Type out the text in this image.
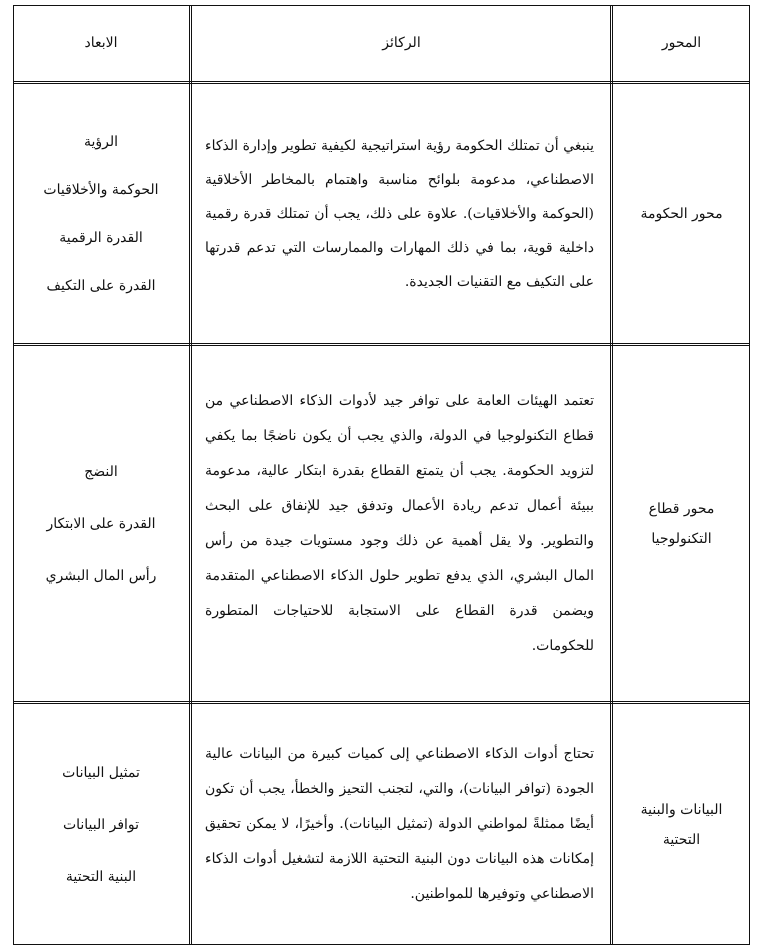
الابعاد	الركائز	المحور
الرؤية
الحوكمة والأخلاقيات
القدرة الرقمية
القدرة على التكيف

ينبغي أن تمتلك الحكومة رؤية استراتيجية لكيفية تطوير وإدارة الذكاء الاصطناعي، مدعومة بلوائح مناسبة واهتمام بالمخاطر الأخلاقية (الحوكمة والأخلاقيات). علاوة على ذلك، يجب أن تمتلك قدرة رقمية داخلية قوية، بما في ذلك المهارات والممارسات التي تدعم قدرتها على التكيف مع التقنيات الجديدة.

محور الحكومة
النضج
القدرة على الابتكار
رأس المال البشري

تعتمد الهيئات العامة على توافر جيد لأدوات الذكاء الاصطناعي من قطاع التكنولوجيا في الدولة، والذي يجب أن يكون ناضجًا بما يكفي لتزويد الحكومة. يجب أن يتمتع القطاع بقدرة ابتكار عالية، مدعومة ببيئة أعمال تدعم ريادة الأعمال وتدفق جيد للإنفاق على البحث والتطوير. ولا يقل أهمية عن ذلك وجود مستويات جيدة من رأس المال البشري، الذي يدفع تطوير حلول الذكاء الاصطناعي المتقدمة ويضمن قدرة القطاع على الاستجابة للاحتياجات المتطورة للحكومات.

محور قطاع التكنولوجيا
تمثيل البيانات
توافر البيانات
البنية التحتية

تحتاج أدوات الذكاء الاصطناعي إلى كميات كبيرة من البيانات عالية الجودة (توافر البيانات)، والتي، لتجنب التحيز والخطأ، يجب أن تكون أيضًا ممثلةً لمواطني الدولة (تمثيل البيانات). وأخيرًا، لا يمكن تحقيق إمكانات هذه البيانات دون البنية التحتية اللازمة لتشغيل أدوات الذكاء الاصطناعي وتوفيرها للمواطنين.

البيانات والبنية التحتية
